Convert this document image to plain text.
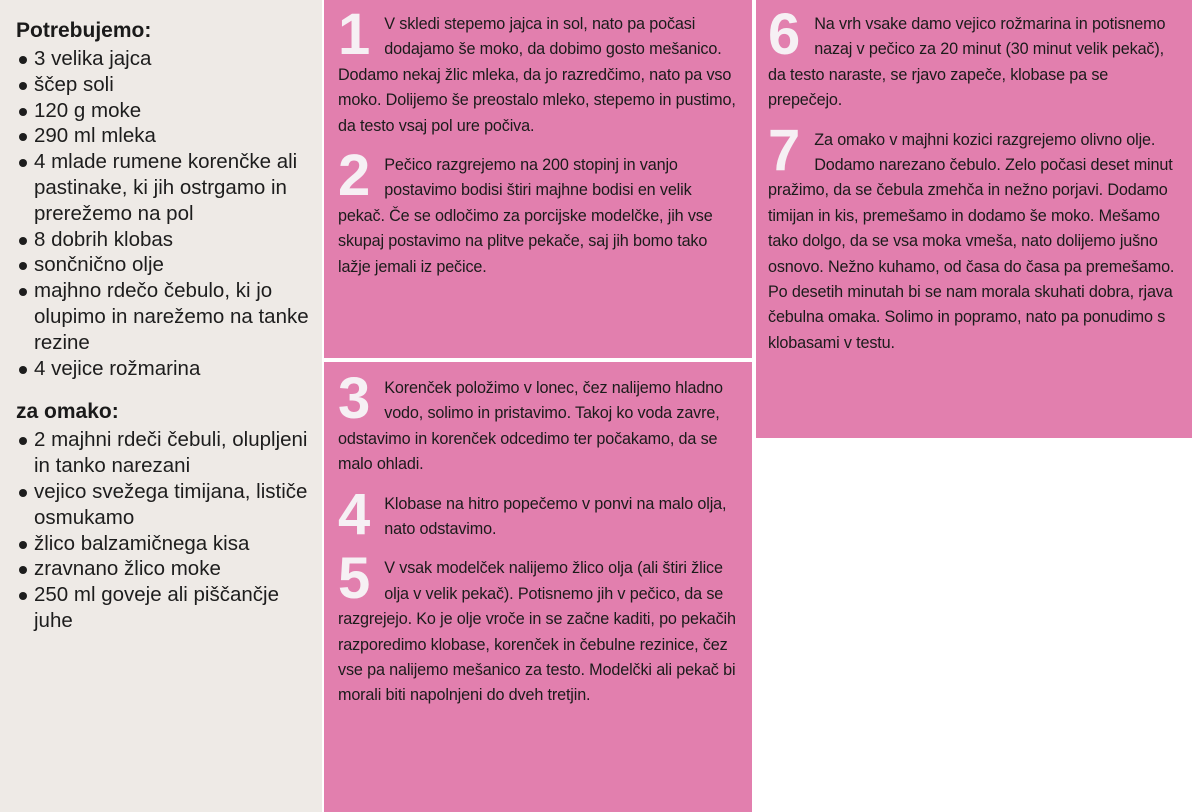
Potrebujemo:
3 velika jajca
ščep soli
120 g moke
290 ml mleka
4 mlade rumene korenčke ali pastinake, ki jih ostrgamo in prerežemo na pol
8 dobrih klobas
sončnično olje
majhno rdečo čebulo, ki jo olupimo in narežemo na tanke rezine
4 vejice rožmarina
za omako:
2 majhni rdeči čebuli, olupljeni in tanko narezani
vejico svežega timijana, lističe osmukamo
žlico balzamičnega kisa
zravnano žlico moke
250 ml goveje ali piščančje juhe
1 V skledi stepemo jajca in sol, nato pa počasi dodajamo še moko, da dobimo gosto mešanico. Dodamo nekaj žlic mleka, da jo razredčimo, nato pa vso moko. Dolijemo še preostalo mleko, stepemo in pustimo, da testo vsaj pol ure počiva.

2 Pečico razgrejemo na 200 stopinj in vanjo postavimo bodisi štiri majhne bodisi en velik pekač. Če se odločimo za porcijske modelčke, jih vse skupaj postavimo na plitve pekače, saj jih bomo tako lažje jemali iz pečice.

3 Korenček položimo v lonec, čez nalijemo hladno vodo, solimo in pristavimo. Takoj ko voda zavre, odstavimo in korenček odcedimo ter počakamo, da se malo ohladi.

4 Klobase na hitro popečemo v ponvi na malo olja, nato odstavimo.

5 V vsak modelček nalijemo žlico olja (ali štiri žlice olja v velik pekač). Potisnemo jih v pečico, da se razgrejejo. Ko je olje vroče in se začne kaditi, po pekačih razporedimo klobase, korenček in čebulne rezinice, čez vse pa nalijemo mešanico za testo. Modelčki ali pekač bi morali biti napolnjeni do dveh tretjin.

6 Na vrh vsake damo vejico rožmarina in potisnemo nazaj v pečico za 20 minut (30 minut velik pekač), da testo naraste, se rjavo zapeče, klobase pa se prepečejo.

7 Za omako v majhni kozici razgrejemo olivno olje. Dodamo narezano čebulo. Zelo počasi deset minut pražimo, da se čebula zmehča in nežno porjavi. Dodamo timijan in kis, premešamo in dodamo še moko. Mešamo tako dolgo, da se vsa moka vmeša, nato dolijemo jušno osnovo. Nežno kuhamo, od časa do časa pa premešamo. Po desetih minutah bi se nam morala skuhati dobra, rjava čebulna omaka. Solimo in popramo, nato pa ponudimo s klobasami v testu.
